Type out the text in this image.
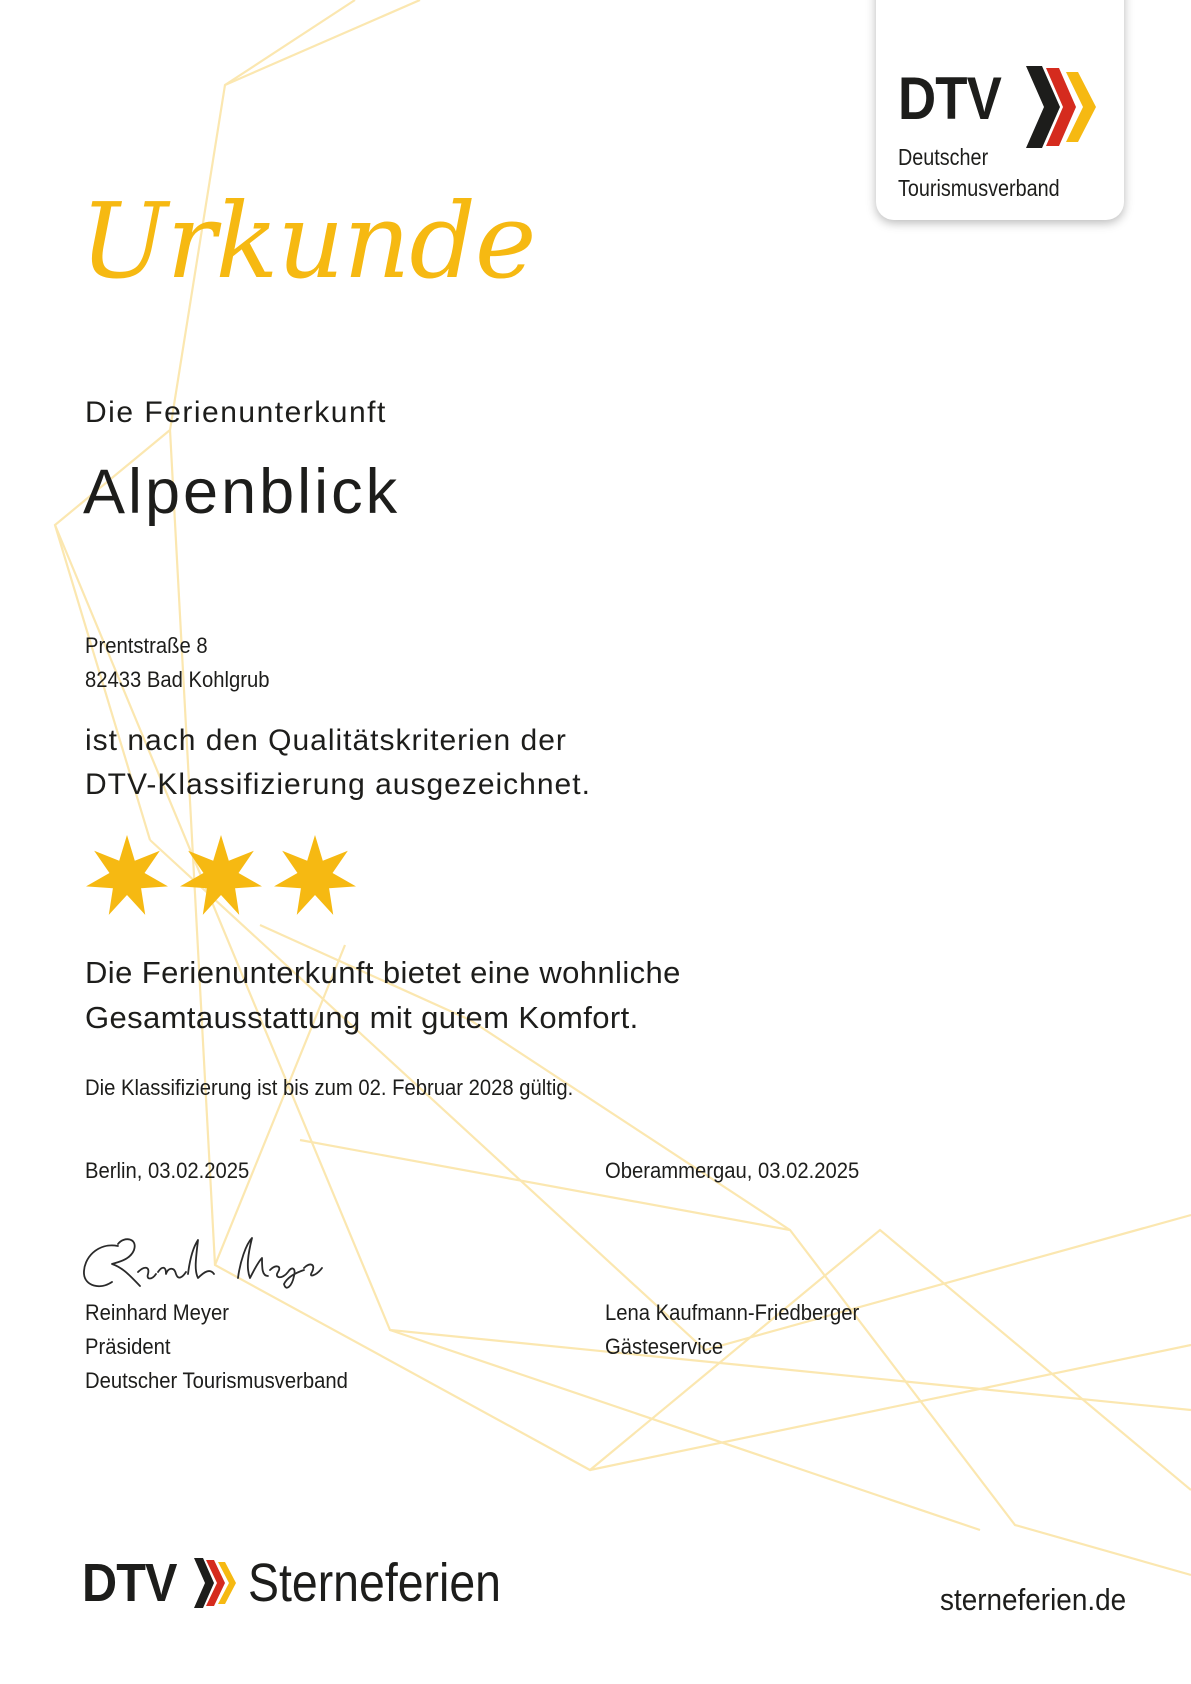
DTV
Deutscher
Tourismusverband
Urkunde
Die Ferienunterkunft
Alpenblick
Prentstraße 8
82433 Bad Kohlgrub
ist nach den Qualitätskriterien der
DTV-Klassifizierung ausgezeichnet.
Die Ferienunterkunft bietet eine wohnliche
Gesamtausstattung mit gutem Komfort.
Die Klassifizierung ist bis zum 02. Februar 2028 gültig.
Berlin, 03.02.2025	Oberammergau, 03.02.2025
Reinhard Meyer
Präsident
Deutscher Tourismusverband
Lena Kaufmann-Friedberger
Gästeservice
DTV Sterneferien	sterneferien.de
